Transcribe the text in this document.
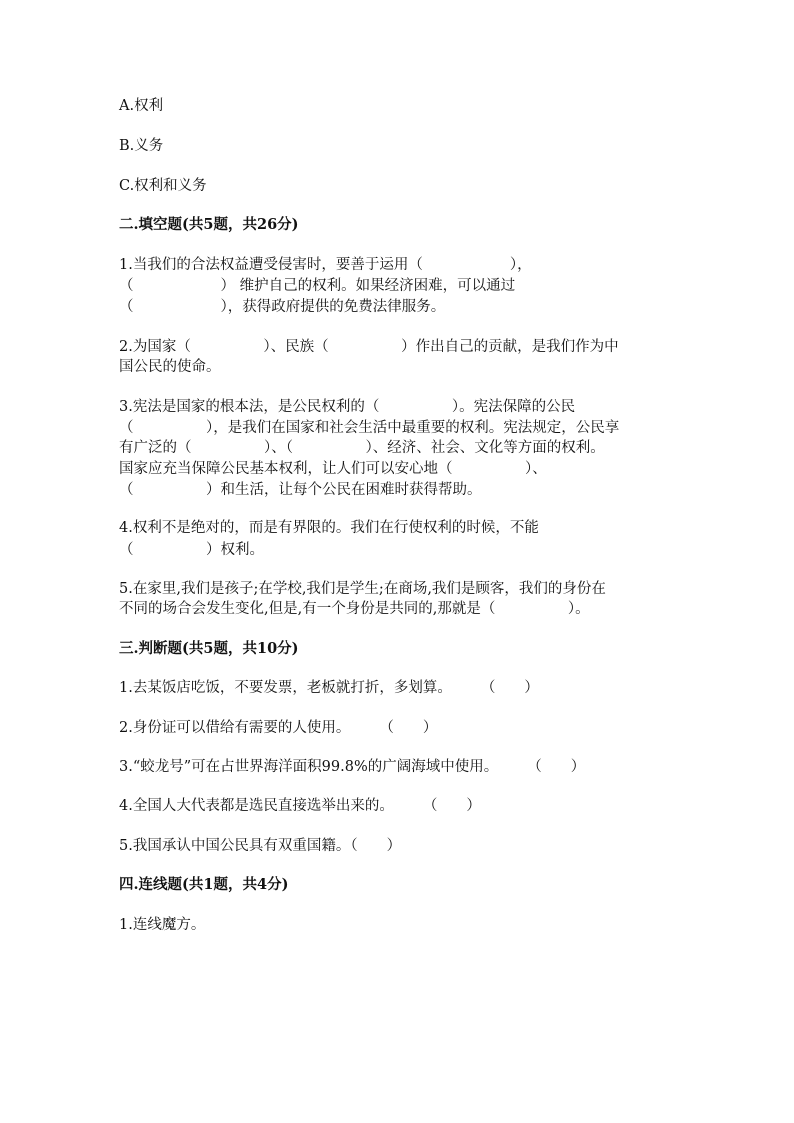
A.权利

B.义务

C.权利和义务

二.填空题(共5题，共26分)

1.当我们的合法权益遭受侵害时，要善于运用（　　　　　　），

（　　　　　　） 维护自己的权利。如果经济困难，可以通过

（　　　　　　），获得政府提供的免费法律服务。

2.为国家（　　　　　）、民族（　　　　　）作出自己的贡献，是我们作为中

国公民的使命。

3.宪法是国家的根本法，是公民权利的（　　　　　）。宪法保障的公民

（　　　　　），是我们在国家和社会生活中最重要的权利。宪法规定，公民享

有广泛的（　　　　　）、（　　　　　）、经济、社会、文化等方面的权利。

国家应充当保障公民基本权利，让人们可以安心地（　　　　　）、

（　　　　　）和生活，让每个公民在困难时获得帮助。

4.权利不是绝对的，而是有界限的。我们在行使权利的时候，不能

（　　　　　）权利。

5.在家里,我们是孩子;在学校,我们是学生;在商场,我们是顾客，我们的身份在

不同的场合会发生变化,但是,有一个身份是共同的,那就是（　　　　　）。

三.判断题(共5题，共10分)

1.去某饭店吃饭，不要发票，老板就打折，多划算。　　　（　　）

2.身份证可以借给有需要的人使用。　　　（　　）

3.“蛟龙号”可在占世界海洋面积99.8%的广阔海域中使用。　　　（　　）

4.全国人大代表都是选民直接选举出来的。　　　（　　）

5.我国承认中国公民具有双重国籍。（　　）

四.连线题(共1题，共4分)

1.连线魔方。
